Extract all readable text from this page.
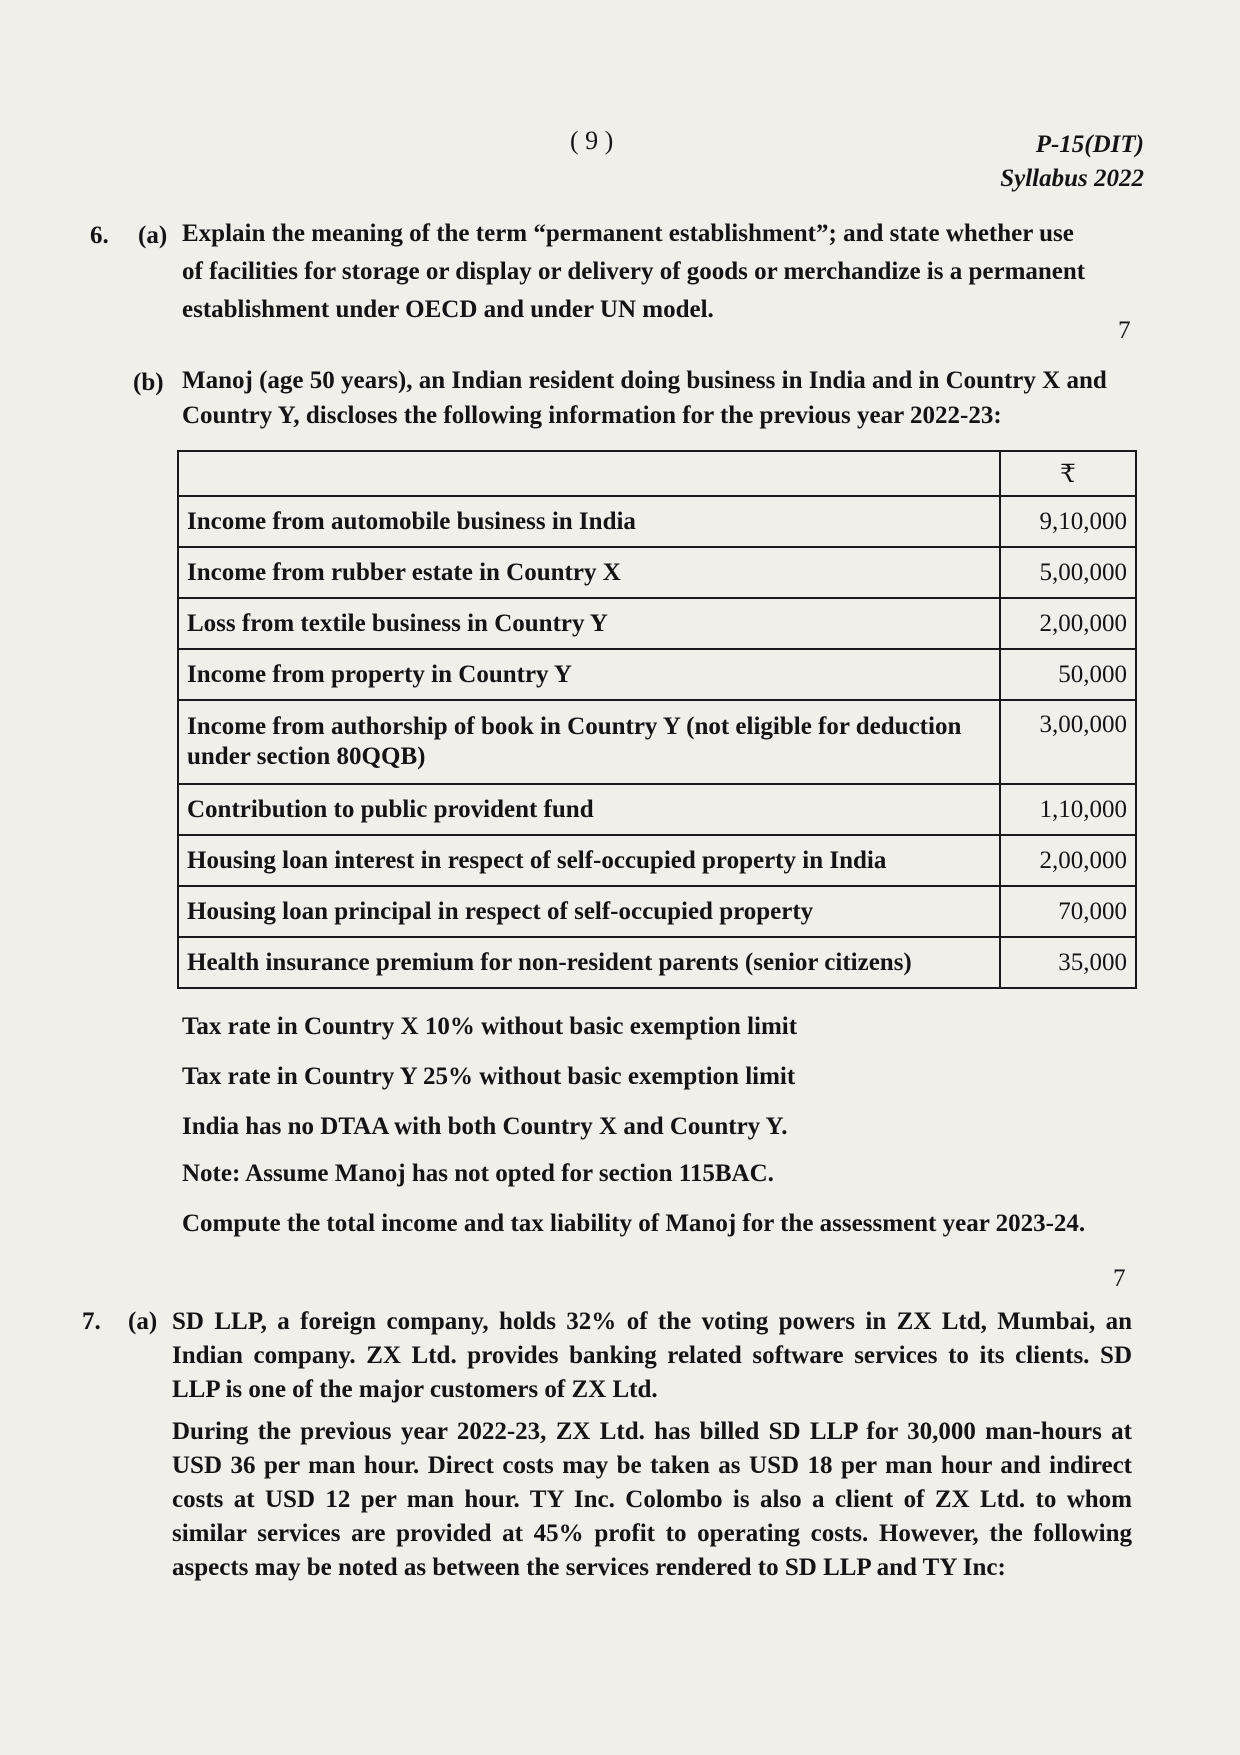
( 9 )	P-15(DIT)
Syllabus 2022
6. (a) Explain the meaning of the term “permanent establishment”; and state whether use
of facilities for storage or display or delivery of goods or merchandize is a permanent
establishment under OECD and under UN model.
7
(b) Manoj (age 50 years), an Indian resident doing business in India and in Country X and
Country Y, discloses the following information for the previous year 2022-23:
	₹
Income from automobile business in India	9,10,000
Income from rubber estate in Country X	5,00,000
Loss from textile business in Country Y	2,00,000
Income from property in Country Y	50,000
Income from authorship of book in Country Y (not eligible for deduction under section 80QQB)	3,00,000
Contribution to public provident fund	1,10,000
Housing loan interest in respect of self-occupied property in India	2,00,000
Housing loan principal in respect of self-occupied property	70,000
Health insurance premium for non-resident parents (senior citizens)	35,000
Tax rate in Country X 10% without basic exemption limit
Tax rate in Country Y 25% without basic exemption limit
India has no DTAA with both Country X and Country Y.
Note: Assume Manoj has not opted for section 115BAC.
Compute the total income and tax liability of Manoj for the assessment year 2023-24.
7
7. (a) SD LLP, a foreign company, holds 32% of the voting powers in ZX Ltd, Mumbai, an Indian company. ZX Ltd. provides banking related software services to its clients. SD LLP is one of the major customers of ZX Ltd.
During the previous year 2022-23, ZX Ltd. has billed SD LLP for 30,000 man-hours at USD 36 per man hour. Direct costs may be taken as USD 18 per man hour and indirect costs at USD 12 per man hour. TY Inc. Colombo is also a client of ZX Ltd. to whom similar services are provided at 45% profit to operating costs. However, the following aspects may be noted as between the services rendered to SD LLP and TY Inc:
